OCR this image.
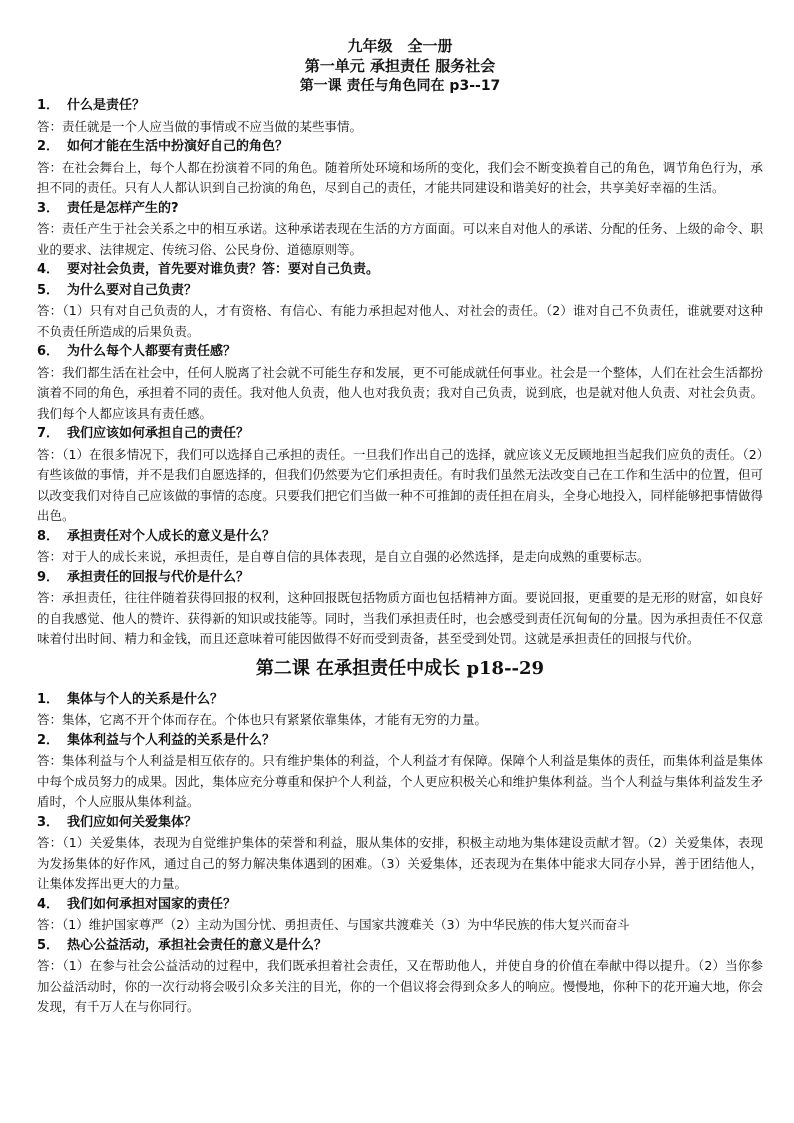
九年级　全一册
第一单元 承担责任 服务社会
第一课 责任与角色同在 p3--17
1． 什么是责任？
答：责任就是一个人应当做的事情或不应当做的某些事情。
2． 如何才能在生活中扮演好自己的角色？
答：在社会舞台上，每个人都在扮演着不同的角色。随着所处环境和场所的变化，我们会不断变换着自己的角色，调节角色行为，承担不同的责任。只有人人都认识到自己扮演的角色，尽到自己的责任，才能共同建设和谐美好的社会，共享美好幸福的生活。
3． 责任是怎样产生的?
答：责任产生于社会关系之中的相互承诺。这种承诺表现在生活的方方面面。可以来自对他人的承诺、分配的任务、上级的命令、职业的要求、法律规定、传统习俗、公民身份、道德原则等。
4． 要对社会负责，首先要对谁负责？答：要对自己负责。
5． 为什么要对自己负责？
答：（1）只有对自己负责的人，才有资格、有信心、有能力承担起对他人、对社会的责任。（2）谁对自己不负责任，谁就要对这种不负责任所造成的后果负责。
6． 为什么每个人都要有责任感？
答：我们都生活在社会中，任何人脱离了社会就不可能生存和发展，更不可能成就任何事业。社会是一个整体，人们在社会生活都扮演着不同的角色，承担着不同的责任。我对他人负责，他人也对我负责；我对自己负责，说到底，也是就对他人负责、对社会负责。我们每个人都应该具有责任感。
7． 我们应该如何承担自己的责任？
答：（1）在很多情况下，我们可以选择自己承担的责任。一旦我们作出自己的选择，就应该义无反顾地担当起我们应负的责任。（2）有些该做的事情，并不是我们自愿选择的，但我们仍然要为它们承担责任。有时我们虽然无法改变自己在工作和生活中的位置，但可以改变我们对待自己应该做的事情的态度。只要我们把它们当做一种不可推卸的责任担在肩头，全身心地投入，同样能够把事情做得出色。
8． 承担责任对个人成长的意义是什么？
答：对于人的成长来说，承担责任，是自尊自信的具体表现，是自立自强的必然选择，是走向成熟的重要标志。
9． 承担责任的回报与代价是什么？
答：承担责任，往往伴随着获得回报的权利，这种回报既包括物质方面也包括精神方面。要说回报，更重要的是无形的财富，如良好的自我感觉、他人的赞许、获得新的知识或技能等。同时，当我们承担责任时，也会感受到责任沉甸甸的分量。因为承担责任不仅意味着付出时间、精力和金钱，而且还意味着可能因做得不好而受到责备，甚至受到处罚。这就是承担责任的回报与代价。
第二课 在承担责任中成长 p18--29
1． 集体与个人的关系是什么？
答：集体，它离不开个体而存在。个体也只有紧紧依靠集体，才能有无穷的力量。
2． 集体利益与个人利益的关系是什么？
答：集体利益与个人利益是相互依存的。只有维护集体的利益，个人利益才有保障。保障个人利益是集体的责任，而集体利益是集体中每个成员努力的成果。因此，集体应充分尊重和保护个人利益，个人更应积极关心和维护集体利益。当个人利益与集体利益发生矛盾时，个人应服从集体利益。
3． 我们应如何关爱集体？
答：（1）关爱集体，表现为自觉维护集体的荣誉和利益，服从集体的安排，积极主动地为集体建设贡献才智。（2）关爱集体，表现为发扬集体的好作风，通过自己的努力解决集体遇到的困难。（3）关爱集体，还表现为在集体中能求大同存小异，善于团结他人，让集体发挥出更大的力量。
4． 我们如何承担对国家的责任？
答：（1）维护国家尊严（2）主动为国分忧、勇担责任、与国家共渡难关（3）为中华民族的伟大复兴而奋斗
5． 热心公益活动，承担社会责任的意义是什么？
答：（1）在参与社会公益活动的过程中，我们既承担着社会责任，又在帮助他人，并使自身的价值在奉献中得以提升。（2）当你参加公益活动时，你的一次行动将会吸引众多关注的目光，你的一个倡议将会得到众多人的响应。慢慢地，你种下的花开遍大地，你会发现，有千万人在与你同行。
